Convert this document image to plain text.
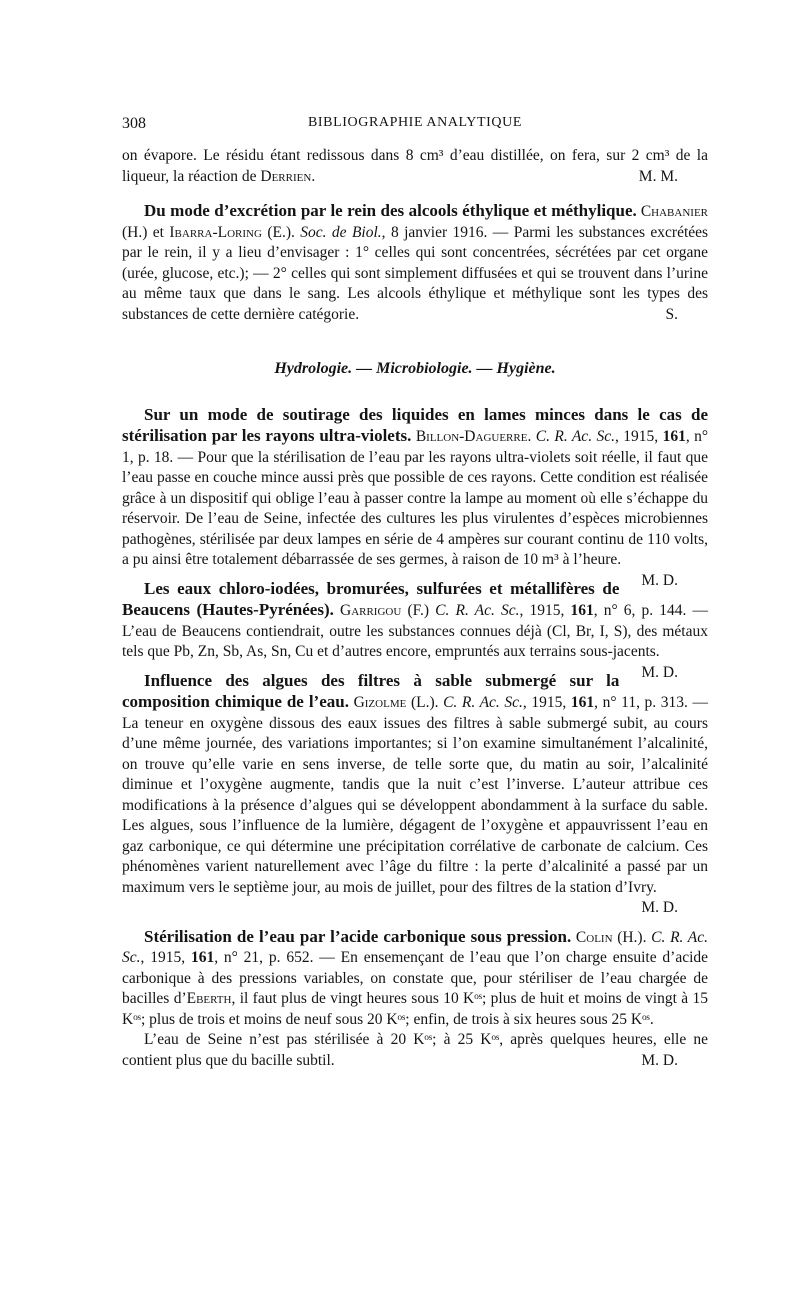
308	BIBLIOGRAPHIE ANALYTIQUE

on évapore. Le résidu étant redissous dans 8 cm³ d’eau distillée, on fera, sur 2 cm³ de la liqueur, la réaction de Derrien.	M. M.

Du mode d’excrétion par le rein des alcools éthylique et méthylique. Chabanier (H.) et Ibarra-Loring (E.). Soc. de Biol., 8 janvier 1916. — Parmi les substances excrétées par le rein, il y a lieu d’envisager : 1° celles qui sont concentrées, sécrétées par cet organe (urée, glucose, etc.); — 2° celles qui sont simplement diffusées et qui se trouvent dans l’urine au même taux que dans le sang. Les alcools éthylique et méthylique sont les types des substances de cette dernière catégorie.	S.

Hydrologie. — Microbiologie. — Hygiène.

Sur un mode de soutirage des liquides en lames minces dans le cas de stérilisation par les rayons ultra-violets. Billon-Daguerre. C. R. Ac. Sc., 1915, 161, n° 1, p. 18. — Pour que la stérilisation de l’eau par les rayons ultra-violets soit réelle, il faut que l’eau passe en couche mince aussi près que possible de ces rayons. Cette condition est réalisée grâce à un dispositif qui oblige l’eau à passer contre la lampe au moment où elle s’échappe du réservoir. De l’eau de Seine, infectée des cultures les plus virulentes d’espèces microbiennes pathogènes, stérilisée par deux lampes en série de 4 ampères sur courant continu de 110 volts, a pu ainsi être totalement débarrassée de ses germes, à raison de 10 m³ à l’heure.
M. D.

Les eaux chloro-iodées, bromurées, sulfurées et métallifères de Beaucens (Hautes-Pyrénées). Garrigou (F.) C. R. Ac. Sc., 1915, 161, n° 6, p. 144. — L’eau de Beaucens contiendrait, outre les substances connues déjà (Cl, Br, I, S), des métaux tels que Pb, Zn, Sb, As, Sn, Cu et d’autres encore, empruntés aux terrains sous-jacents.
M. D.

Influence des algues des filtres à sable submergé sur la composition chimique de l’eau. Gizolme (L.). C. R. Ac. Sc., 1915, 161, n° 11, p. 313. — La teneur en oxygène dissous des eaux issues des filtres à sable submergé subit, au cours d’une même journée, des variations importantes; si l’on examine simultanément l’alcalinité, on trouve qu’elle varie en sens inverse, de telle sorte que, du matin au soir, l’alcalinité diminue et l’oxygène augmente, tandis que la nuit c’est l’inverse. L’auteur attribue ces modifications à la présence d’algues qui se développent abondamment à la surface du sable. Les algues, sous l’influence de la lumière, dégagent de l’oxygène et appauvrissent l’eau en gaz carbonique, ce qui détermine une précipitation corrélative de carbonate de calcium. Ces phénomènes varient naturellement avec l’âge du filtre : la perte d’alcalinité a passé par un maximum vers le septième jour, au mois de juillet, pour des filtres de la station d’Ivry.

M. D.

Stérilisation de l’eau par l’acide carbonique sous pression. Colin (H.). C. R. Ac. Sc., 1915, 161, n° 21, p. 652. — En ensemençant de l’eau que l’on charge ensuite d’acide carbonique à des pressions variables, on constate que, pour stériliser de l’eau chargée de bacilles d’Eberth, il faut plus de vingt heures sous 10 Kᵒˢ; plus de huit et moins de vingt à 15 Kᵒˢ; plus de trois et moins de neuf sous 20 Kᵒˢ; enfin, de trois à six heures sous 25 Kᵒˢ.

L’eau de Seine n’est pas stérilisée à 20 Kᵒˢ; à 25 Kᵒˢ, après quelques heures, elle ne contient plus que du bacille subtil.	M. D.
